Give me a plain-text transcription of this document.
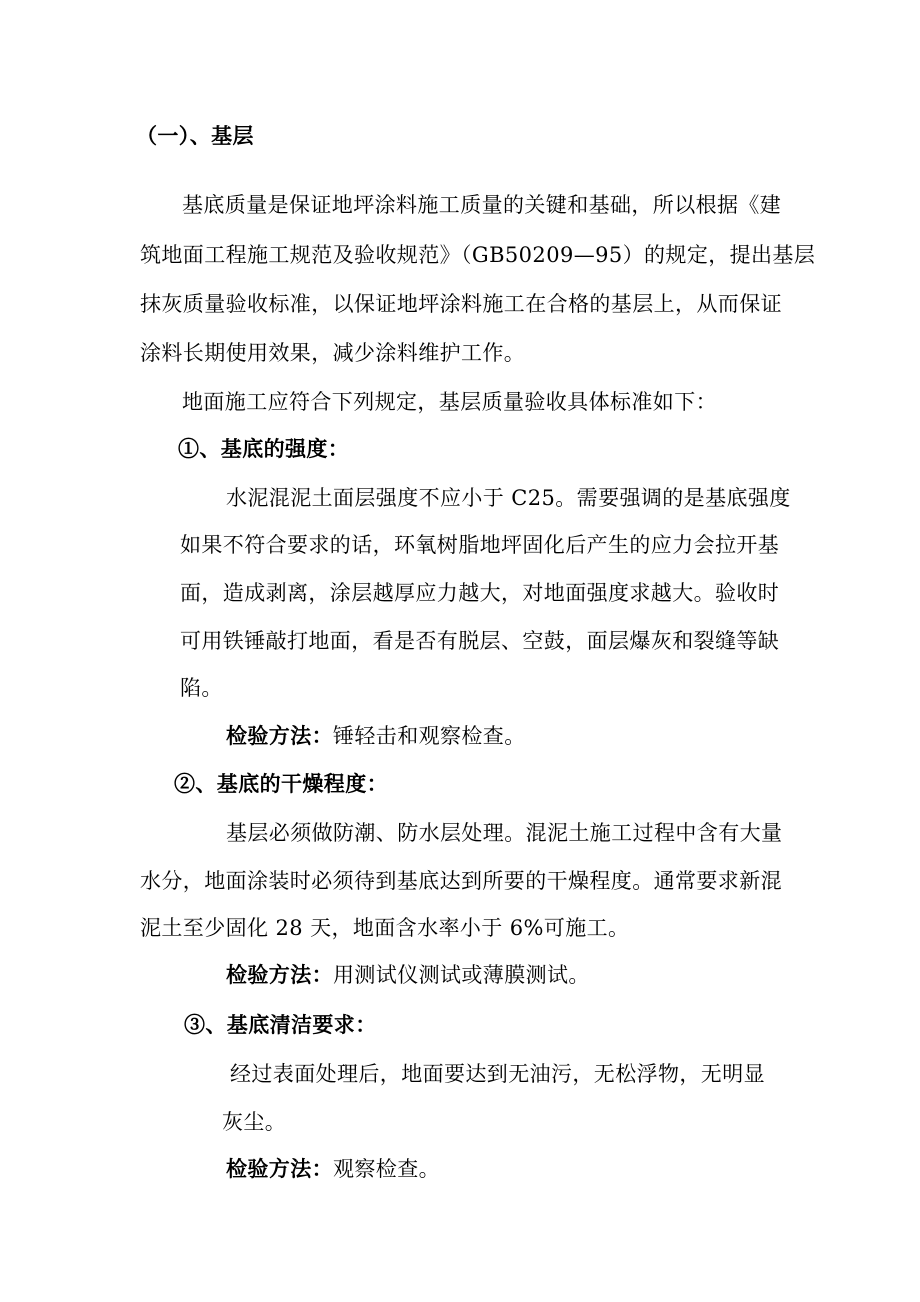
（一）、基层
基底质量是保证地坪涂料施工质量的关键和基础，所以根据《建
筑地面工程施工规范及验收规范》（GB50209—95）的规定，提出基层
抹灰质量验收标准，以保证地坪涂料施工在合格的基层上，从而保证
涂料长期使用效果，减少涂料维护工作。
地面施工应符合下列规定，基层质量验收具体标准如下：
①、基底的强度：
水泥混泥土面层强度不应小于 C25。需要强调的是基底强度
如果不符合要求的话，环氧树脂地坪固化后产生的应力会拉开基
面，造成剥离，涂层越厚应力越大，对地面强度求越大。验收时
可用铁锤敲打地面，看是否有脱层、空鼓，面层爆灰和裂缝等缺
陷。
检验方法：锤轻击和观察检查。
②、基底的干燥程度：
基层必须做防潮、防水层处理。混泥土施工过程中含有大量
水分，地面涂装时必须待到基底达到所要的干燥程度。通常要求新混
泥土至少固化 28 天，地面含水率小于 6%可施工。
检验方法：用测试仪测试或薄膜测试。
③、基底清洁要求：
经过表面处理后，地面要达到无油污，无松浮物，无明显
灰尘。
检验方法：观察检查。
